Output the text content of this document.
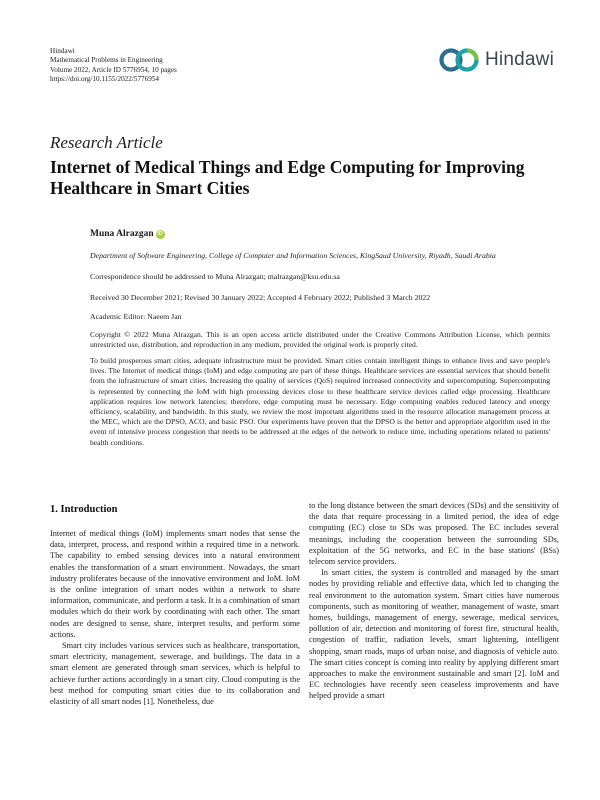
Hindawi
Mathematical Problems in Engineering
Volume 2022, Article ID 5776954, 10 pages
https://doi.org/10.1155/2022/5776954
Hindawi
Research Article
Internet of Medical Things and Edge Computing for Improving Healthcare in Smart Cities
Muna Alrazgan iD
Department of Software Engineering, College of Computer and Information Sciences, KingSaud University, Riyadh, Saudi Arabia
Correspondence should be addressed to Muna Alrazgan; malrazgan@ksu.edu.sa
Received 30 December 2021; Revised 30 January 2022; Accepted 4 February 2022; Published 3 March 2022
Academic Editor: Naeem Jan
Copyright © 2022 Muna Alrazgan. This is an open access article distributed under the Creative Commons Attribution License, which permits unrestricted use, distribution, and reproduction in any medium, provided the original work is properly cited.
To build prosperous smart cities, adequate infrastructure must be provided. Smart cities contain intelligent things to enhance lives and save people's lives. The Internet of medical things (IoM) and edge computing are part of these things. Healthcare services are essential services that should benefit from the infrastructure of smart cities. Increasing the quality of services (QoS) required increased connectivity and supercomputing. Supercomputing is represented by connecting the IoM with high processing devices close to these healthcare service devices called edge processing. Healthcare application requires low network latencies; therefore, edge computing must be necessary. Edge computing enables reduced latency and energy efficiency, scalability, and bandwidth. In this study, we review the most important algorithms used in the resource allocation management process at the MEC, which are the DPSO, ACO, and basic PSO. Our experiments have proven that the DPSO is the better and appropriate algorithm used in the event of intensive process congestion that needs to be addressed at the edges of the network to reduce time, including operations related to patients' health conditions.
1. Introduction

Internet of medical things (IoM) implements smart nodes that sense the data, interpret, process, and respond within a required time in a network. The capability to embed sensing devices into a natural environment enables the transformation of a smart environment. Nowadays, the smart industry proliferates because of the innovative environment and IoM. IoM is the online integration of smart nodes within a network to share information, communicate, and perform a task. It is a combination of smart modules which do their work by coordinating with each other. The smart nodes are designed to sense, share, interpret results, and perform some actions.

Smart city includes various services such as healthcare, transportation, smart electricity, management, sewerage, and buildings. The data in a smart element are generated through smart services, which is helpful to achieve further actions accordingly in a smart city. Cloud computing is the best method for computing smart cities due to its collaboration and elasticity of all smart nodes [1]. Nonetheless, due

to the long distance between the smart devices (SDs) and the sensitivity of the data that require processing in a limited period, the idea of edge computing (EC) close to SDs was proposed. The EC includes several meanings, including the cooperation between the surrounding SDs, exploitation of the 5G networks, and EC in the base stations' (BSs) telecom service providers.

In smart cities, the system is controlled and managed by the smart nodes by providing reliable and effective data, which led to changing the real environment to the automation system. Smart cities have numerous components, such as monitoring of weather, management of waste, smart homes, buildings, management of energy, sewerage, medical services, pollution of air, detection and monitoring of forest fire, structural health, congestion of traffic, radiation levels, smart lightening, intelligent shopping, smart roads, maps of urban noise, and diagnosis of vehicle auto. The smart cities concept is coming into reality by applying different smart approaches to make the environment sustainable and smart [2]. IoM and EC technologies have recently seen ceaseless improvements and have helped provide a smart
